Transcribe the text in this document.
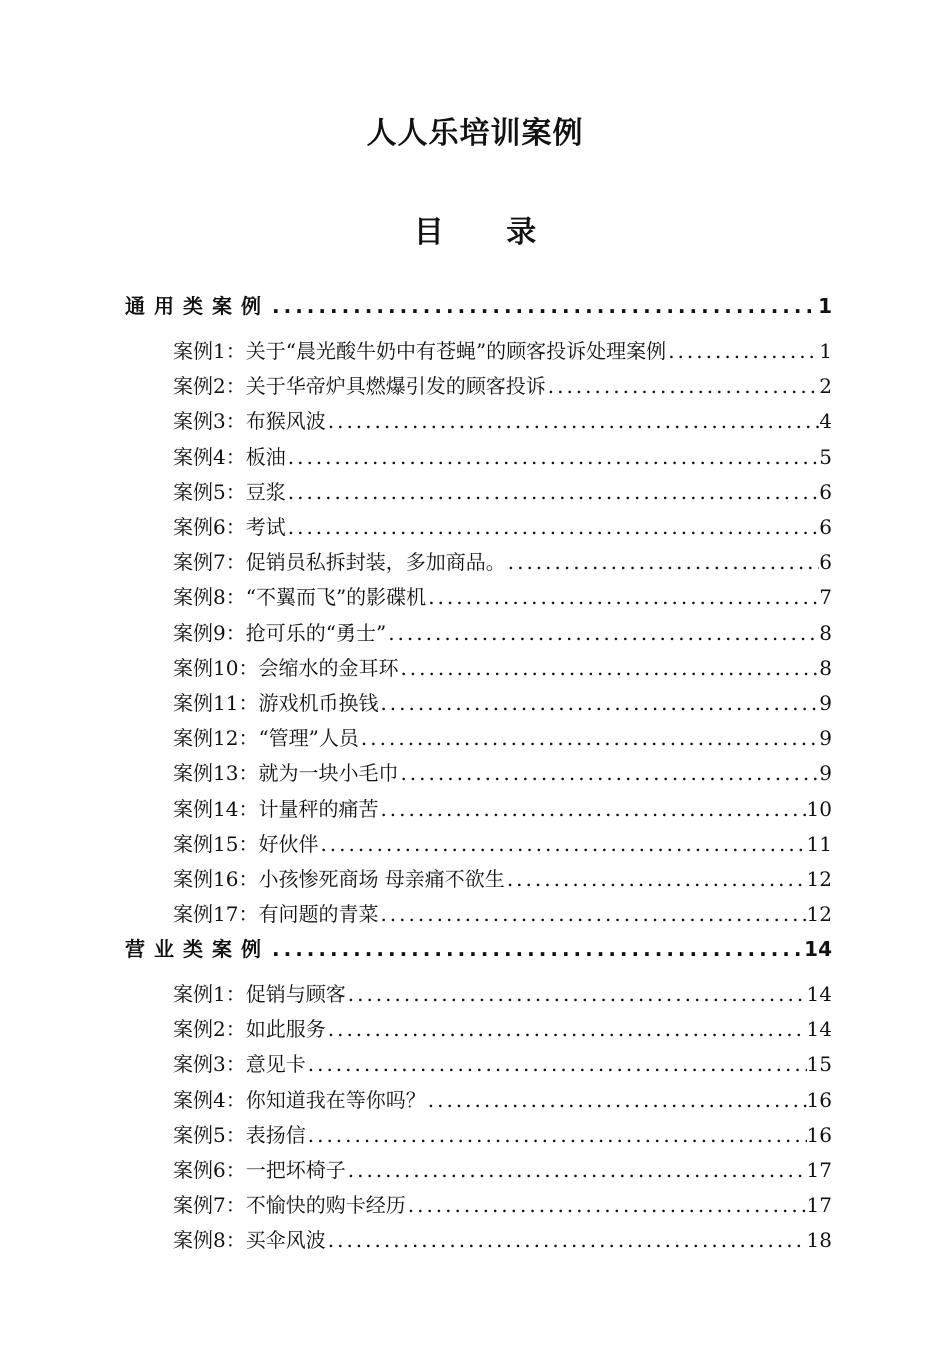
人人乐培训案例
目 录
通用类案例 .....	1
案例1：关于“晨光酸牛奶中有苍蝇”的顾客投诉处理案例 .....	1
案例2：关于华帝炉具燃爆引发的顾客投诉 .....	2
案例3：布猴风波 .....	4
案例4：板油 .....	5
案例5：豆浆 .....	6
案例6：考试 .....	6
案例7：促销员私拆封装，多加商品。 .....	6
案例8：“不翼而飞”的影碟机 .....	7
案例9：抢可乐的“勇士” .....	8
案例10：会缩水的金耳环 .....	8
案例11：游戏机币换钱 .....	9
案例12：“管理”人员 .....	9
案例13：就为一块小毛巾 .....	9
案例14：计量秤的痛苦 .....	10
案例15：好伙伴 .....	11
案例16：小孩惨死商场 母亲痛不欲生 .....	12
案例17：有问题的青菜 .....	12
营业类案例 .....	14
案例1：促销与顾客 .....	14
案例2：如此服务 .....	14
案例3：意见卡 .....	15
案例4：你知道我在等你吗？ .....	16
案例5：表扬信 .....	16
案例6：一把坏椅子 .....	17
案例7：不愉快的购卡经历 .....	17
案例8：买伞风波 .....	18
